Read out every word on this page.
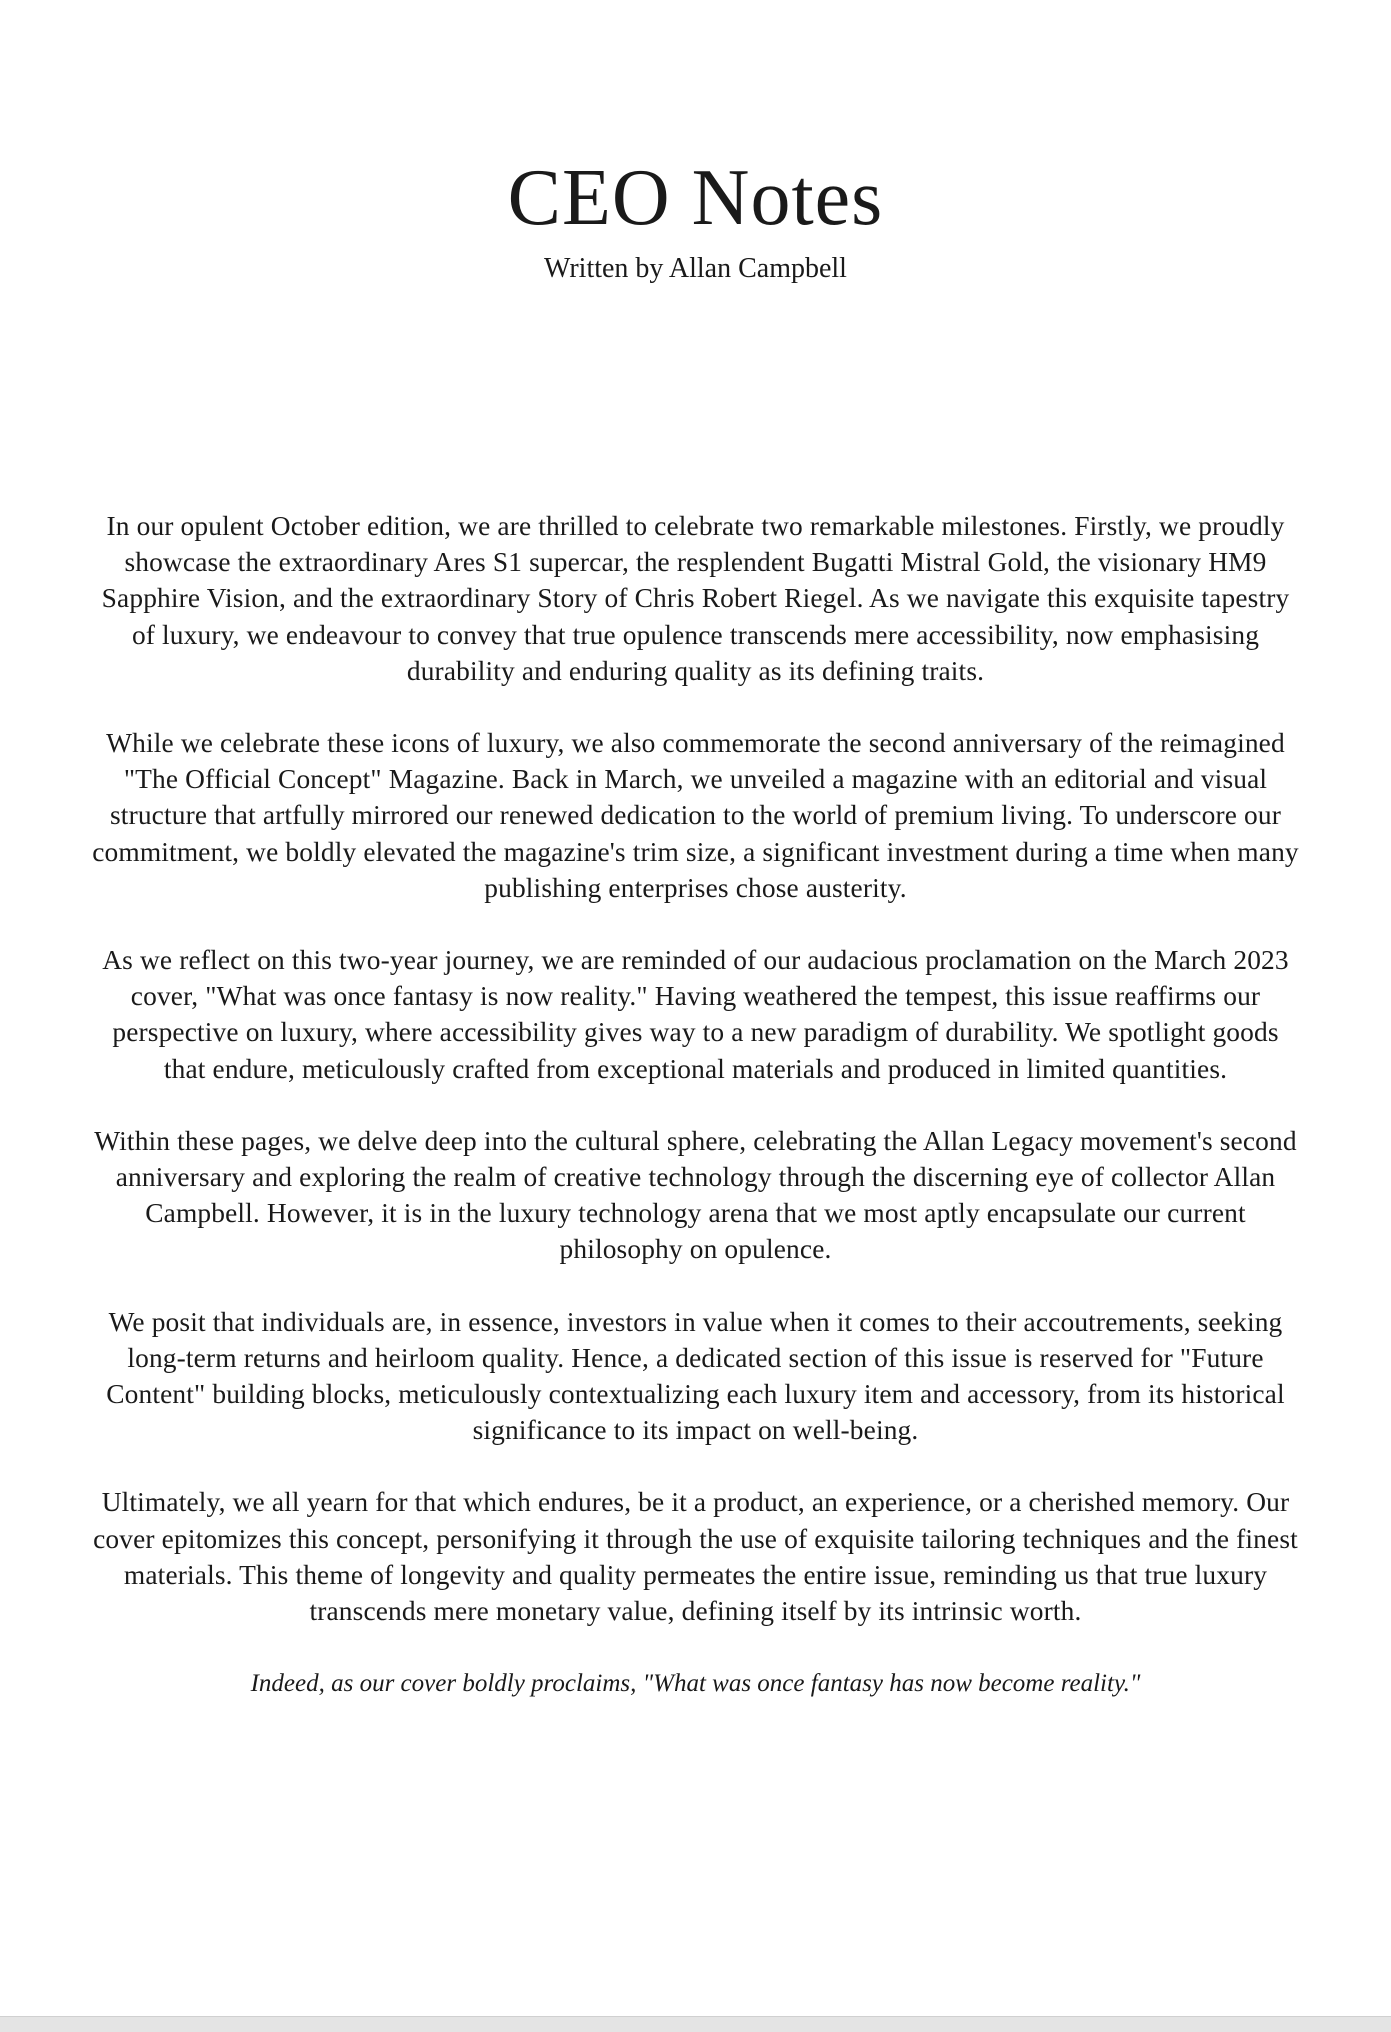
CEO Notes

Written by Allan Campbell

In our opulent October edition, we are thrilled to celebrate two remarkable milestones. Firstly, we proudly showcase the extraordinary Ares S1 supercar, the resplendent Bugatti Mistral Gold, the visionary HM9 Sapphire Vision, and the extraordinary Story of Chris Robert Riegel. As we navigate this exquisite tapestry of luxury, we endeavour to convey that true opulence transcends mere accessibility, now emphasising durability and enduring quality as its defining traits.

While we celebrate these icons of luxury, we also commemorate the second anniversary of the reimagined "The Official Concept" Magazine. Back in March, we unveiled a magazine with an editorial and visual structure that artfully mirrored our renewed dedication to the world of premium living. To underscore our commitment, we boldly elevated the magazine's trim size, a significant investment during a time when many publishing enterprises chose austerity.

As we reflect on this two-year journey, we are reminded of our audacious proclamation on the March 2023 cover, "What was once fantasy is now reality." Having weathered the tempest, this issue reaffirms our perspective on luxury, where accessibility gives way to a new paradigm of durability. We spotlight goods that endure, meticulously crafted from exceptional materials and produced in limited quantities.

Within these pages, we delve deep into the cultural sphere, celebrating the Allan Legacy movement's second anniversary and exploring the realm of creative technology through the discerning eye of collector Allan Campbell. However, it is in the luxury technology arena that we most aptly encapsulate our current philosophy on opulence.

We posit that individuals are, in essence, investors in value when it comes to their accoutrements, seeking long-term returns and heirloom quality. Hence, a dedicated section of this issue is reserved for "Future Content" building blocks, meticulously contextualizing each luxury item and accessory, from its historical significance to its impact on well-being.

Ultimately, we all yearn for that which endures, be it a product, an experience, or a cherished memory. Our cover epitomizes this concept, personifying it through the use of exquisite tailoring techniques and the finest materials. This theme of longevity and quality permeates the entire issue, reminding us that true luxury transcends mere monetary value, defining itself by its intrinsic worth.

Indeed, as our cover boldly proclaims, "What was once fantasy has now become reality."
